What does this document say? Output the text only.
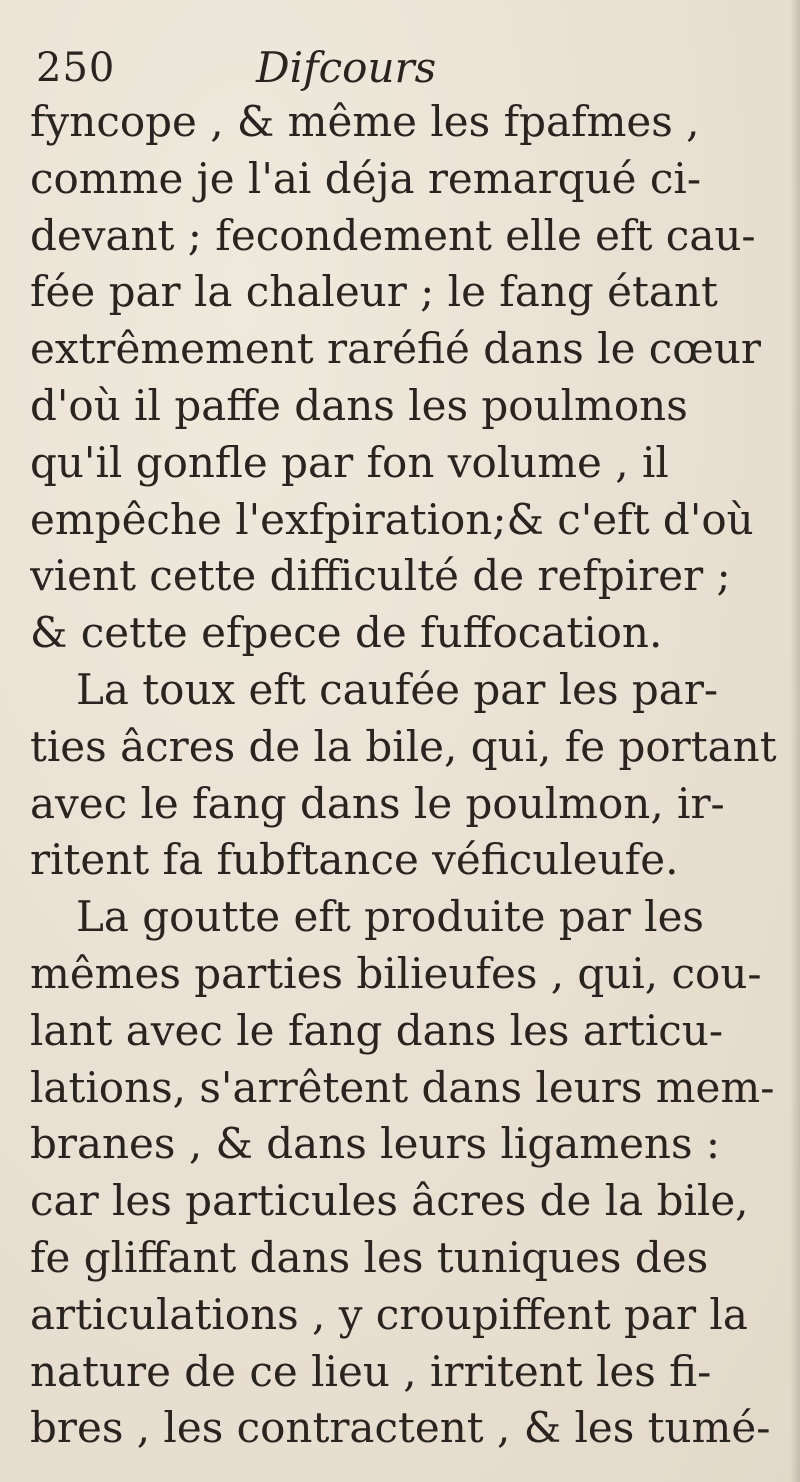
250	Difcours
fyncope , & même les fpafmes ,
comme je l'ai déja remarqué ci-
devant ; fecondement elle eft cau-
fée par la chaleur ; le fang étant
extrêmement raréfié dans le cœur
d'où il paffe dans les poulmons
qu'il gonfle par fon volume , il
empêche l'exfpiration;& c'eft d'où
vient cette difficulté de refpirer ;
& cette efpece de fuffocation.
La toux eft caufée par les par-
ties âcres de la bile, qui, fe portant
avec le fang dans le poulmon, ir-
ritent fa fubftance véficuleufe.
La goutte eft produite par les
mêmes parties bilieufes , qui, cou-
lant avec le fang dans les articu-
lations, s'arrêtent dans leurs mem-
branes , & dans leurs ligamens :
car les particules âcres de la bile,
fe gliffant dans les tuniques des
articulations , y croupiffent par la
nature de ce lieu , irritent les fi-
bres , les contractent , & les tumé-
